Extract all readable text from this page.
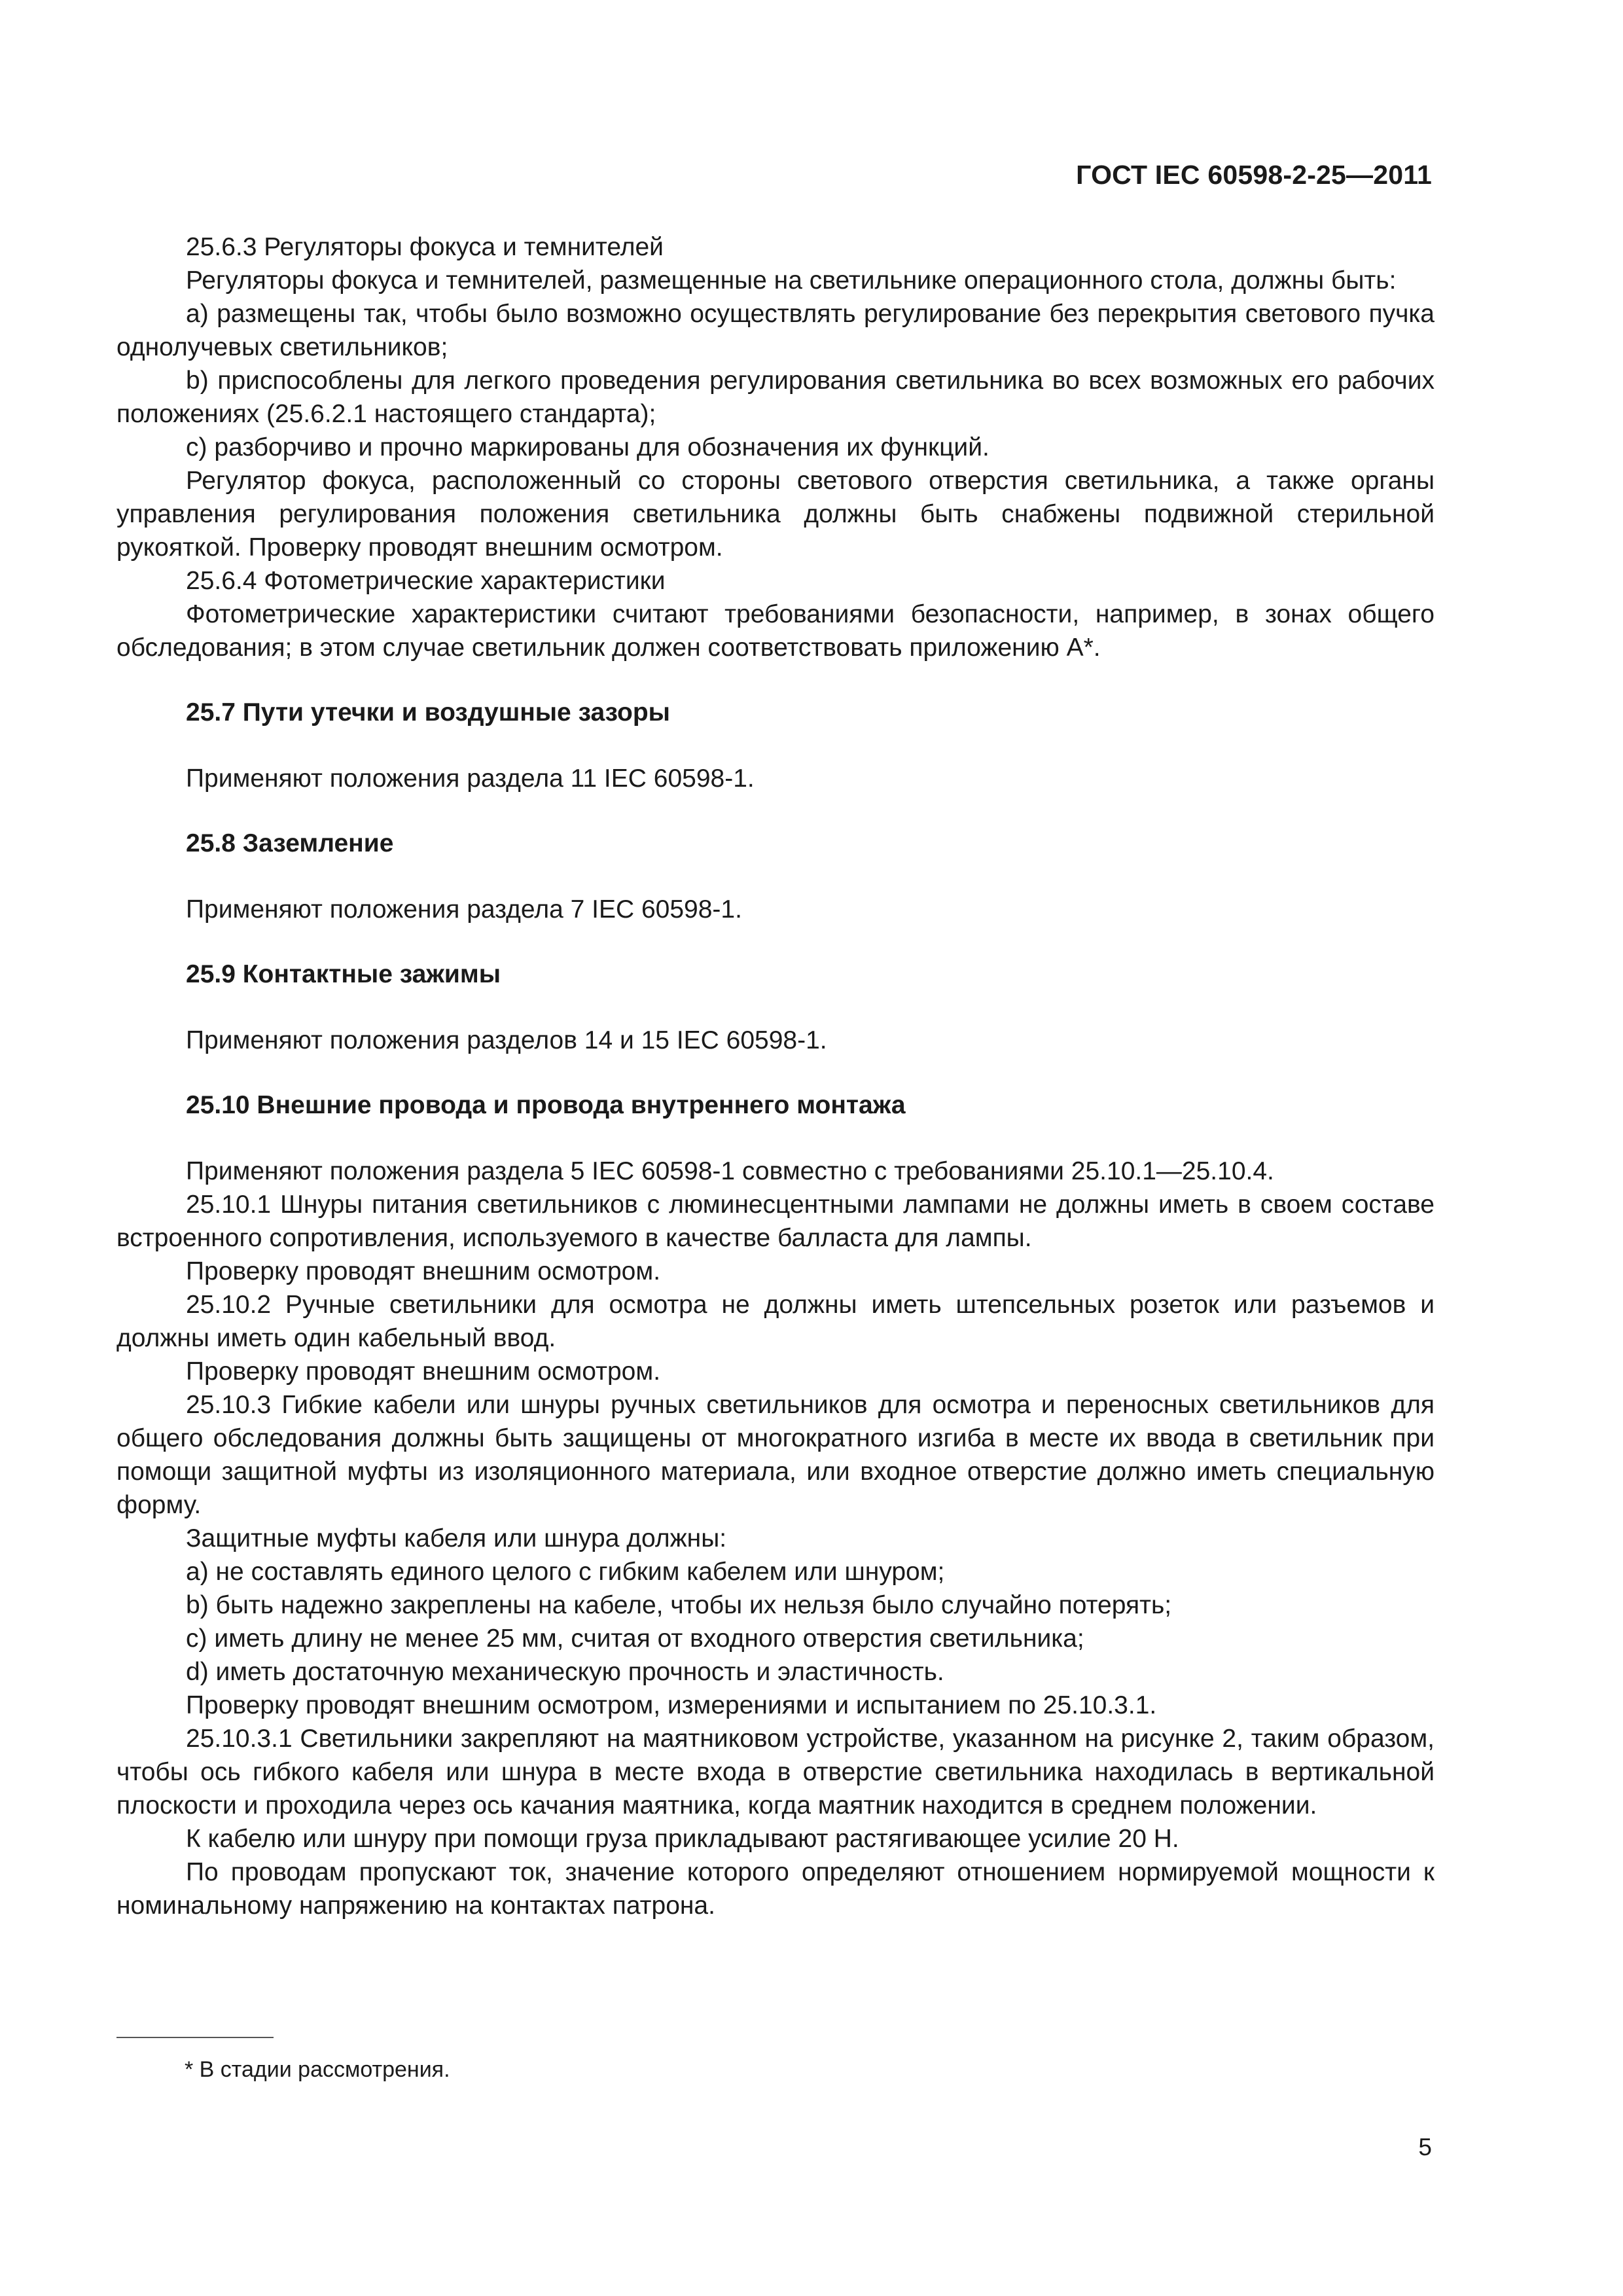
ГОСТ IEC 60598-2-25—2011

25.6.3 Регуляторы фокуса и темнителей

Регуляторы фокуса и темнителей, размещенные на светильнике операционного стола, должны быть:

a) размещены так, чтобы было возможно осуществлять регулирование без перекрытия светового пучка однолучевых светильников;

b) приспособлены для легкого проведения регулирования светильника во всех возможных его рабочих положениях (25.6.2.1 настоящего стандарта);

c) разборчиво и прочно маркированы для обозначения их функций.

Регулятор фокуса, расположенный со стороны светового отверстия светильника, а также органы управления регулирования положения светильника должны быть снабжены подвижной стерильной рукояткой. Проверку проводят внешним осмотром.

25.6.4 Фотометрические характеристики

Фотометрические характеристики считают требованиями безопасности, например, в зонах общего обследования; в этом случае светильник должен соответствовать приложению А*.

25.7 Пути утечки и воздушные зазоры

Применяют положения раздела 11 IEC 60598-1.

25.8 Заземление

Применяют положения раздела 7 IEC 60598-1.

25.9 Контактные зажимы

Применяют положения разделов 14 и 15 IEC 60598-1.

25.10 Внешние провода и провода внутреннего монтажа

Применяют положения раздела 5 IEC 60598-1 совместно с требованиями 25.10.1—25.10.4.

25.10.1 Шнуры питания светильников с люминесцентными лампами не должны иметь в своем составе встроенного сопротивления, используемого в качестве балласта для лампы.

Проверку проводят внешним осмотром.

25.10.2 Ручные светильники для осмотра не должны иметь штепсельных розеток или разъемов и должны иметь один кабельный ввод.

Проверку проводят внешним осмотром.

25.10.3 Гибкие кабели или шнуры ручных светильников для осмотра и переносных светильников для общего обследования должны быть защищены от многократного изгиба в месте их ввода в светильник при помощи защитной муфты из изоляционного материала, или входное отверстие должно иметь специальную форму.

Защитные муфты кабеля или шнура должны:

a) не составлять единого целого с гибким кабелем или шнуром;

b) быть надежно закреплены на кабеле, чтобы их нельзя было случайно потерять;

c) иметь длину не менее 25 мм, считая от входного отверстия светильника;

d) иметь достаточную механическую прочность и эластичность.

Проверку проводят внешним осмотром, измерениями и испытанием по 25.10.3.1.

25.10.3.1 Светильники закрепляют на маятниковом устройстве, указанном на рисунке 2, таким образом, чтобы ось гибкого кабеля или шнура в месте входа в отверстие светильника находилась в вертикальной плоскости и проходила через ось качания маятника, когда маятник находится в среднем положении.

К кабелю или шнуру при помощи груза прикладывают растягивающее усилие 20 Н.

По проводам пропускают ток, значение которого определяют отношением нормируемой мощности к номинальному напряжению на контактах патрона.

* В стадии рассмотрения.
5
